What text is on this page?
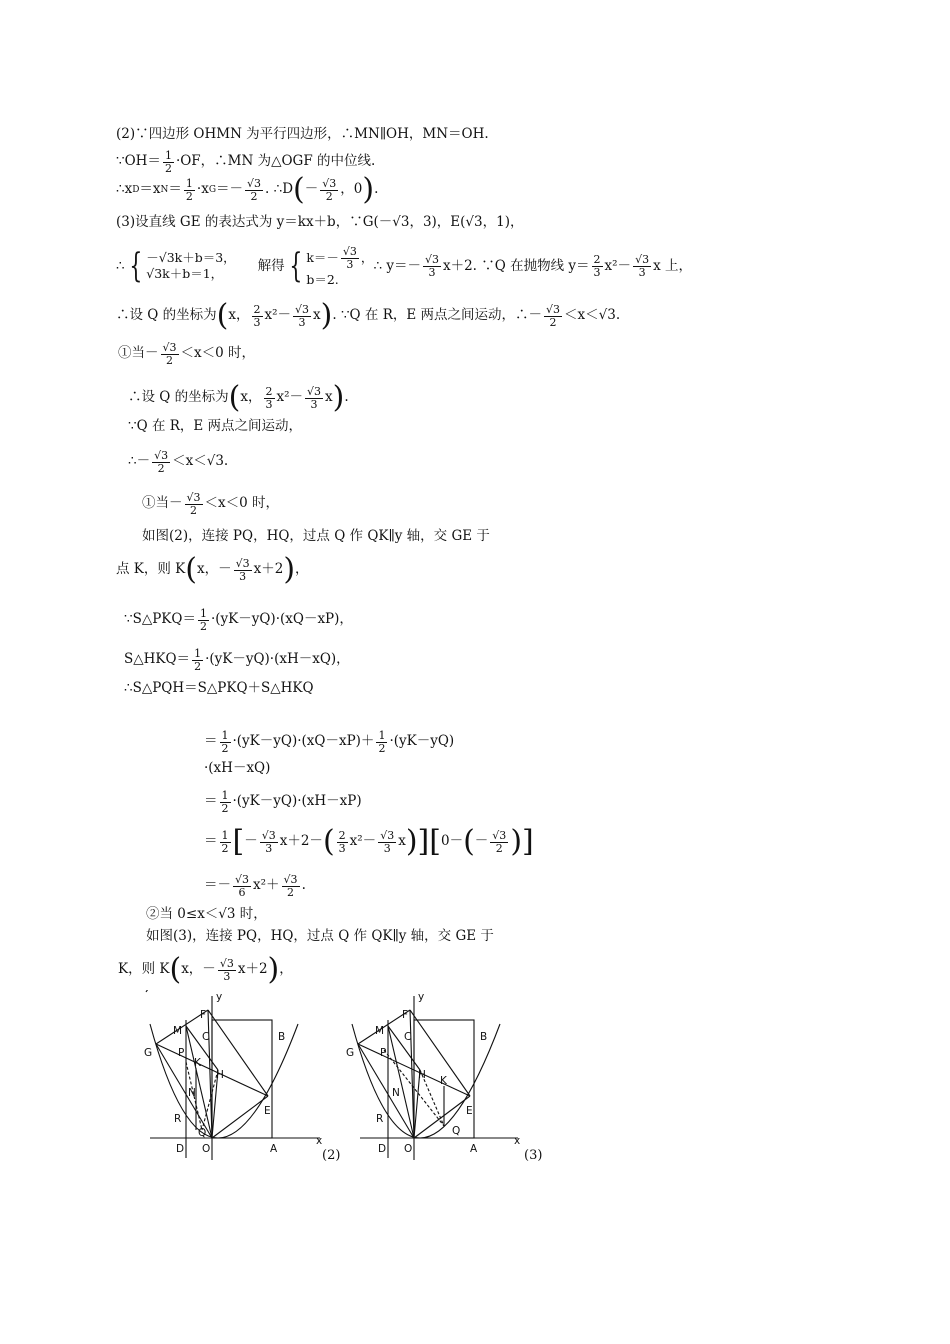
(2)∵四边形 OHMN 为平行四边形，∴MN∥OH，MN＝OH.
∵OH＝ $\frac{1}{2} \cdot OF$，∴MN 为△OGF 的中位线.
∴x D ＝x $N = \frac{1}{2} \cdot x$ $G =- \frac{√3}{2}$ . ∴D ( － $\frac{√3}{2}$ ，0 ) .
(3)设直线 GE 的表达式为 y＝kx＋b，∵G(－√3，3)，E(√3，1)，
∴ { －√3k＋b＝3，
√3k＋b＝1，
解得 { $k=- \frac{√3}{3}$ ，
b＝2.
∴ $y=- \frac{√3}{3} x+2$. ∵Q 在抛物线 $y= \frac{2}{3} x^2- \frac{√3}{3}$ x 上，
∴设 Q 的坐标为 ( x， $\frac{2}{3} x^2- \frac{√3}{3}$ x ) . ∵Q 在 R，E 两点之间运动，∴－ $\frac{√3}{2} <x<√3$.
①当－ $\frac{√3}{2} <x<0$ 时，
∴设 Q 的坐标为 ( x， $\frac{2}{3} x^2- \frac{√3}{3}$ x ) .
∵Q 在 R，E 两点之间运动，
∴－ $\frac{√3}{2} <x<√3$.
①当－ $\frac{√3}{2} <x<0$ 时，
如图(2)，连接 PQ，HQ，过点 Q 作 QK∥y 轴，交 GE 于
点 K，则 K ( x，－ $\frac{√3}{3} x+2$ ) ，
∵S△PKQ＝ $\frac{1}{2} \cdot(yK-yQ)\cdot(xQ-xP)$，
S△HKQ＝ $\frac{1}{2} \cdot(yK-yQ)\cdot(xH-xQ)$，
∴S△PQH＝S△PKQ＋S△HKQ
＝ $\frac{1}{2} \cdot(yK-yQ)\cdot(xQ-xP)+ \frac{1}{2} \cdot(yK-yQ)$
·(xH－xQ)
＝ $\frac{1}{2} \cdot(yK-yQ)\cdot(xH-xP)$
＝ $\frac{1}{2}$ [ － $\frac{√3}{3} x+2-$ ( $\frac{2}{3} x^2- \frac{√3}{3}$ x ) ] [ 0－ ( － $\frac{√3}{2}$ ) ]
＝－ $\frac{√3}{6} x^2+ \frac{√3}{2}$ .
②当 0≤x＜√3 时，
如图(3)，连接 PQ，HQ，过点 Q 作 QK∥y 轴，交 GE 于
K，则 K ( x，－ $\frac{√3}{3} x+2$ ) ，
y
F
M C	B
G P
K
H
N
E
R
Q
D O	A
x
(2)
y
F
M C	B
G P
H K
N
E
R
Q
D O	A
x
(3)
